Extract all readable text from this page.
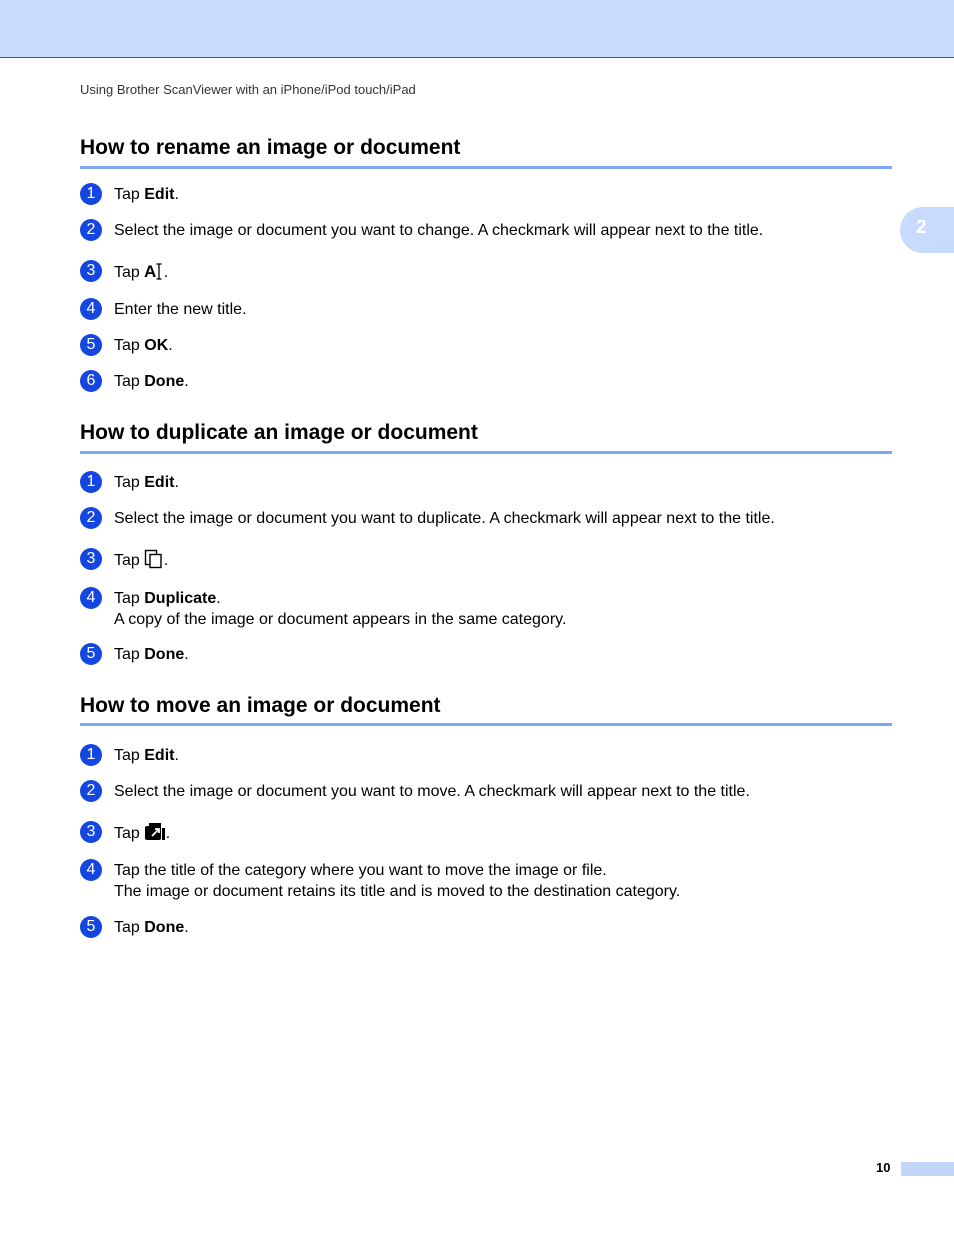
Using Brother ScanViewer with an iPhone/iPod touch/iPad
2
How to rename an image or document
1	Tap Edit.
2	Select the image or document you want to change. A checkmark will appear next to the title.
3	Tap A .
4	Enter the new title.
5	Tap OK.
6	Tap Done.
How to duplicate an image or document
1	Tap Edit.
2	Select the image or document you want to duplicate. A checkmark will appear next to the title.
3	Tap .
4	Tap Duplicate.
A copy of the image or document appears in the same category.
5	Tap Done.
How to move an image or document
1	Tap Edit.
2	Select the image or document you want to move. A checkmark will appear next to the title.
3	Tap .
4	Tap the title of the category where you want to move the image or file.
The image or document retains its title and is moved to the destination category.
5	Tap Done.
10
